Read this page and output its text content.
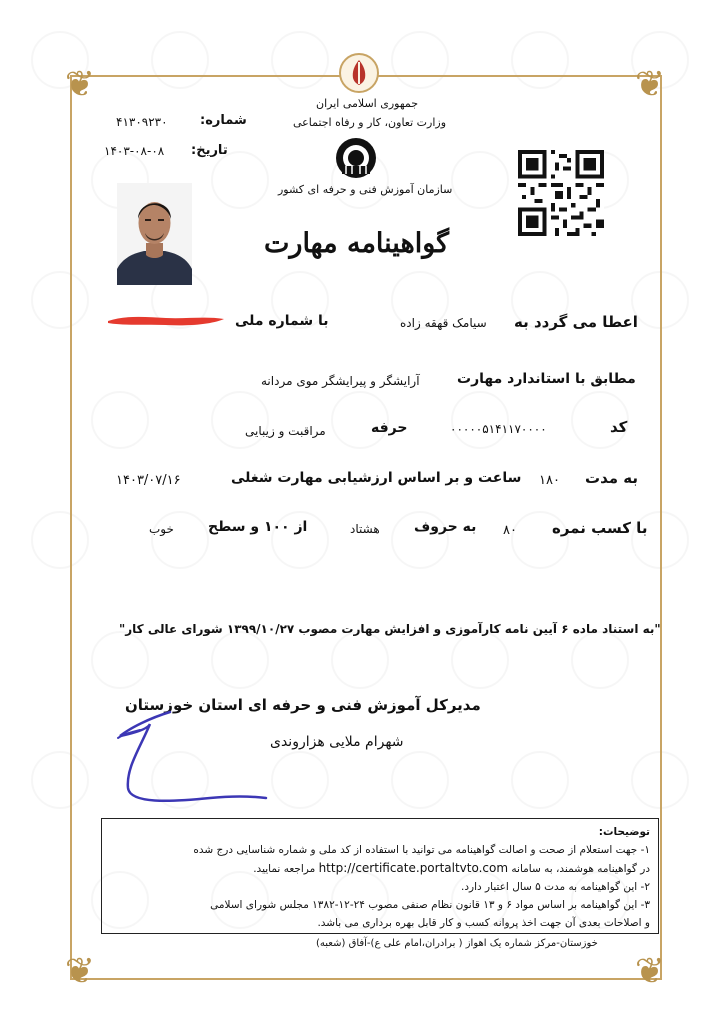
❦	❦
❦	❦
جمهوری اسلامی ایران
وزارت تعاون، کار و رفاه اجتماعی
سازمان آموزش فنی و حرفه ای کشور
شماره:
۴۱۳۰۹۲۳۰
تاریخ:
۱۴۰۳-۰۸-۰۸
گواهینامه مهارت
اعطا می گردد به
سیامک قهقه زاده
با شماره ملی
مطابق با استاندارد مهارت
آرایشگر و پیرایشگر موی مردانه
کد
۰۰۰۰۰۵۱۴۱۱۷۰۰۰۰
حرفه
مراقبت و زیبایی
به مدت
۱۸۰
ساعت و بر اساس ارزشیابی مهارت شغلی
۱۴۰۳/۰۷/۱۶
با کسب نمره
۸۰
به حروف
هشتاد
از ۱۰۰ و سطح
خوب
"به استناد ماده ۶ آیین نامه کارآموزی و افزایش مهارت مصوب ۱۳۹۹/۱۰/۲۷ شورای عالی کار"
مدیرکل آموزش فنی و حرفه ای استان خوزستان
شهرام ملایی هزاروندی
توضیحات:
۱- جهت استعلام از صحت و اصالت گواهینامه می توانید با استفاده از کد ملی و شماره شناسایی درج شده
در گواهینامه هوشمند، به سامانه http://certificate.portaltvto.com مراجعه نمایید.
۲- این گواهینامه به مدت ۵ سال اعتبار دارد.
۳- این گواهینامه بر اساس مواد ۶ و ۱۳ قانون نظام صنفی مصوب ۲۴-۱۲-۱۳۸۲ مجلس شورای اسلامی
و اصلاحات بعدی آن جهت اخذ پروانه کسب و کار قابل بهره برداری می باشد.
خوزستان-مرکز شماره یک اهواز ( برادران،امام علی ع)-آفاق (شعبه)
